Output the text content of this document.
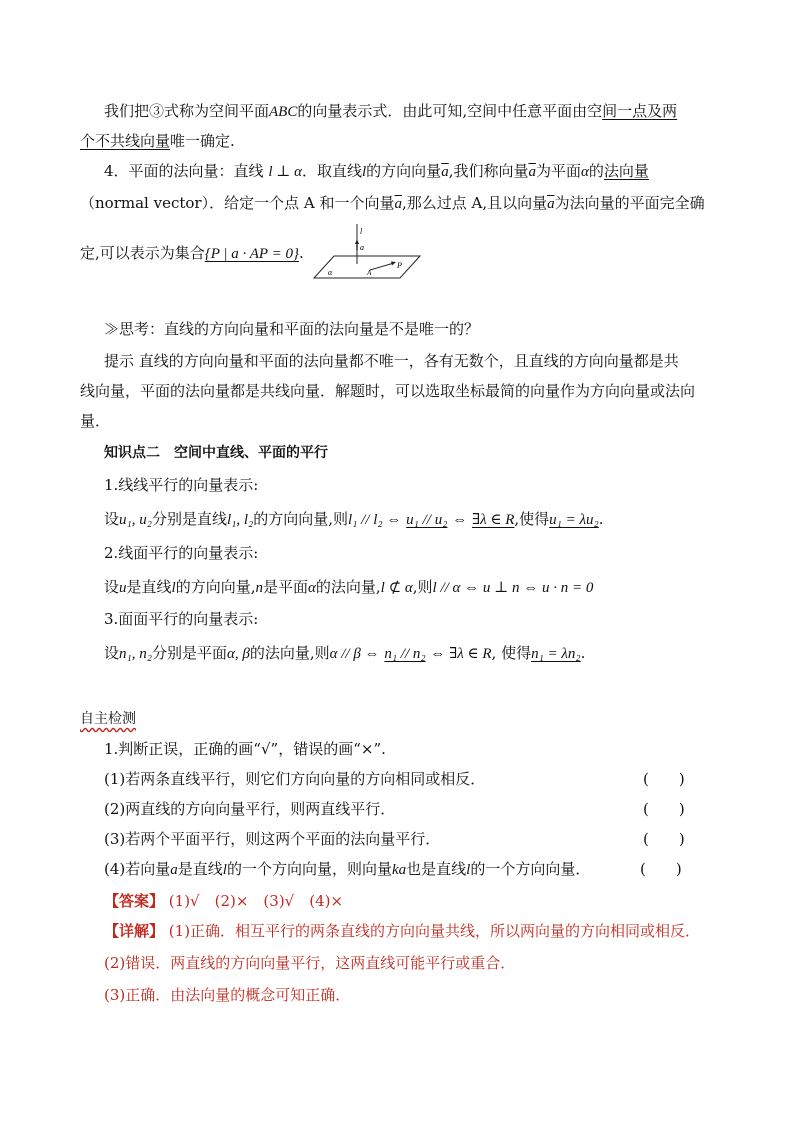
我们把③式称为空间平面ABC的向量表示式．由此可知,空间中任意平面由空间一点及两
个不共线向量唯一确定.
4．平面的法向量：直线 l ⊥ α．取直线l的方向向量$\overline{a}$,我们称向量$\overline{a}$为平面α的法向量
（normal vector）．给定一个点 A 和一个向量$\overline{a}$,那么过点 A,且以向量$\overline{a}$为法向量的平面完全确
定,可以表示为集合{P | a · AP = 0}.
l
a
P
A
α
≫思考：直线的方向向量和平面的法向量是不是唯一的？
提示 直线的方向向量和平面的法向量都不唯一，各有无数个，且直线的方向向量都是共
线向量，平面的法向量都是共线向量．解题时，可以选取坐标最简的向量作为方向向量或法向
量．
知识点二　空间中直线、平面的平行
1.线线平行的向量表示:
设u₁, u₂分别是直线l₁, l₂的方向向量,则l₁ // l₂ ⇔ u₁ // u₂ ⇔ ∃λ ∈ R,使得u₁ = λu₂.
2.线面平行的向量表示:
设u是直线l的方向向量,n是平面α的法向量,l ⊄ α,则l // α ⇔ u ⊥ n ⇔ u · n = 0
3.面面平行的向量表示:
设n₁, n₂分别是平面α, β的法向量,则α // β ⇔ n₁ // n₂ ⇔ ∃λ ∈ R, 使得n₁ = λn₂.
自主检测
1.判断正误，正确的画“√”，错误的画“×”.
(1)若两条直线平行，则它们方向向量的方向相同或相反．	(　　)
(2)两直线的方向向量平行，则两直线平行．	(　　)
(3)若两个平面平行，则这两个平面的法向量平行．	(　　)
(4)若向量a是直线l的一个方向向量，则向量ka也是直线l的一个方向向量．	(　　)
【答案】 (1)√　(2)×　(3)√　(4)×
【详解】 (1)正确．相互平行的两条直线的方向向量共线，所以两向量的方向相同或相反．
(2)错误．两直线的方向向量平行，这两直线可能平行或重合．
(3)正确．由法向量的概念可知正确．
